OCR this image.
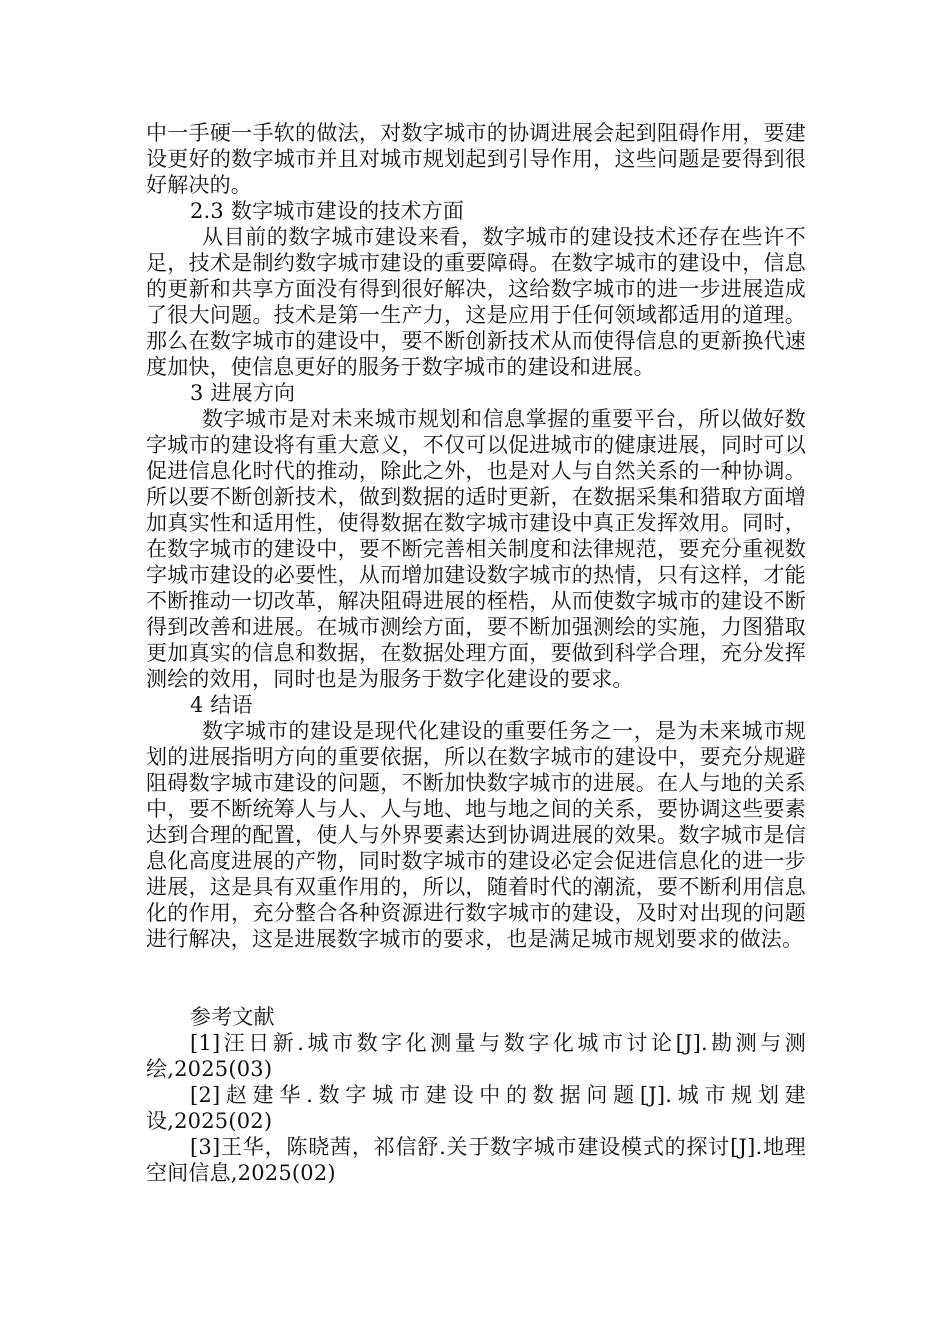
中一手硬一手软的做法，对数字城市的协调进展会起到阻碍作用，要建设更好的数字城市并且对城市规划起到引导作用，这些问题是要得到很好解决的。

2.3 数字城市建设的技术方面

从目前的数字城市建设来看，数字城市的建设技术还存在些许不足，技术是制约数字城市建设的重要障碍。在数字城市的建设中，信息的更新和共享方面没有得到很好解决，这给数字城市的进一步进展造成了很大问题。技术是第一生产力，这是应用于任何领域都适用的道理。那么在数字城市的建设中，要不断创新技术从而使得信息的更新换代速度加快，使信息更好的服务于数字城市的建设和进展。

3 进展方向

数字城市是对未来城市规划和信息掌握的重要平台，所以做好数字城市的建设将有重大意义，不仅可以促进城市的健康进展，同时可以促进信息化时代的推动，除此之外，也是对人与自然关系的一种协调。所以要不断创新技术，做到数据的适时更新，在数据采集和猎取方面增加真实性和适用性，使得数据在数字城市建设中真正发挥效用。同时，在数字城市的建设中，要不断完善相关制度和法律规范，要充分重视数字城市建设的必要性，从而增加建设数字城市的热情，只有这样，才能不断推动一切改革，解决阻碍进展的桎梏，从而使数字城市的建设不断得到改善和进展。在城市测绘方面，要不断加强测绘的实施，力图猎取更加真实的信息和数据，在数据处理方面，要做到科学合理，充分发挥测绘的效用，同时也是为服务于数字化建设的要求。

4 结语

数字城市的建设是现代化建设的重要任务之一，是为未来城市规划的进展指明方向的重要依据，所以在数字城市的建设中，要充分规避阻碍数字城市建设的问题，不断加快数字城市的进展。在人与地的关系中，要不断统筹人与人、人与地、地与地之间的关系，要协调这些要素达到合理的配置，使人与外界要素达到协调进展的效果。数字城市是信息化高度进展的产物，同时数字城市的建设必定会促进信息化的进一步进展，这是具有双重作用的，所以，随着时代的潮流，要不断利用信息化的作用，充分整合各种资源进行数字城市的建设，及时对出现的问题进行解决，这是进展数字城市的要求，也是满足城市规划要求的做法。

参考文献

[1]汪日新.城市数字化测量与数字化城市讨论[J].勘测与测绘,2025(03)

[2]赵建华.数字城市建设中的数据问题[J].城市规划建设,2025(02)

[3]王华，陈晓茜，祁信舒.关于数字城市建设模式的探讨[J].地理空间信息,2025(02)
